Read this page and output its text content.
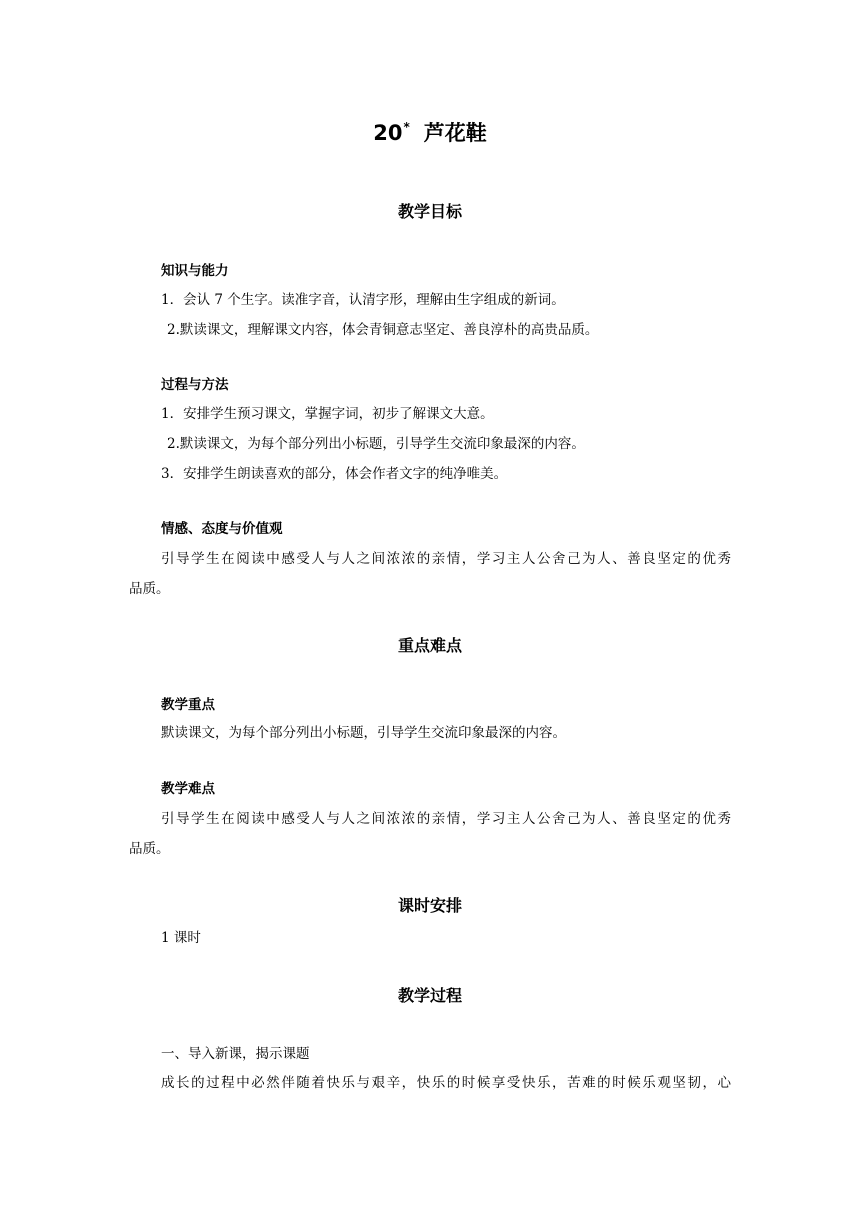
20* 芦花鞋
教学目标
知识与能力
1．会认 7 个生字。读准字音，认清字形，理解由生字组成的新词。
2.默读课文，理解课文内容，体会青铜意志坚定、善良淳朴的高贵品质。
过程与方法
1．安排学生预习课文，掌握字词，初步了解课文大意。
2.默读课文，为每个部分列出小标题，引导学生交流印象最深的内容。
3．安排学生朗读喜欢的部分，体会作者文字的纯净唯美。
情感、态度与价值观
引导学生在阅读中感受人与人之间浓浓的亲情，学习主人公舍己为人、善良坚定的优秀
品质。
重点难点
教学重点
默读课文，为每个部分列出小标题，引导学生交流印象最深的内容。
教学难点
引导学生在阅读中感受人与人之间浓浓的亲情，学习主人公舍己为人、善良坚定的优秀
品质。
课时安排
1 课时
教学过程
一、导入新课，揭示课题
成长的过程中必然伴随着快乐与艰辛，快乐的时候享受快乐，苦难的时候乐观坚韧，心
